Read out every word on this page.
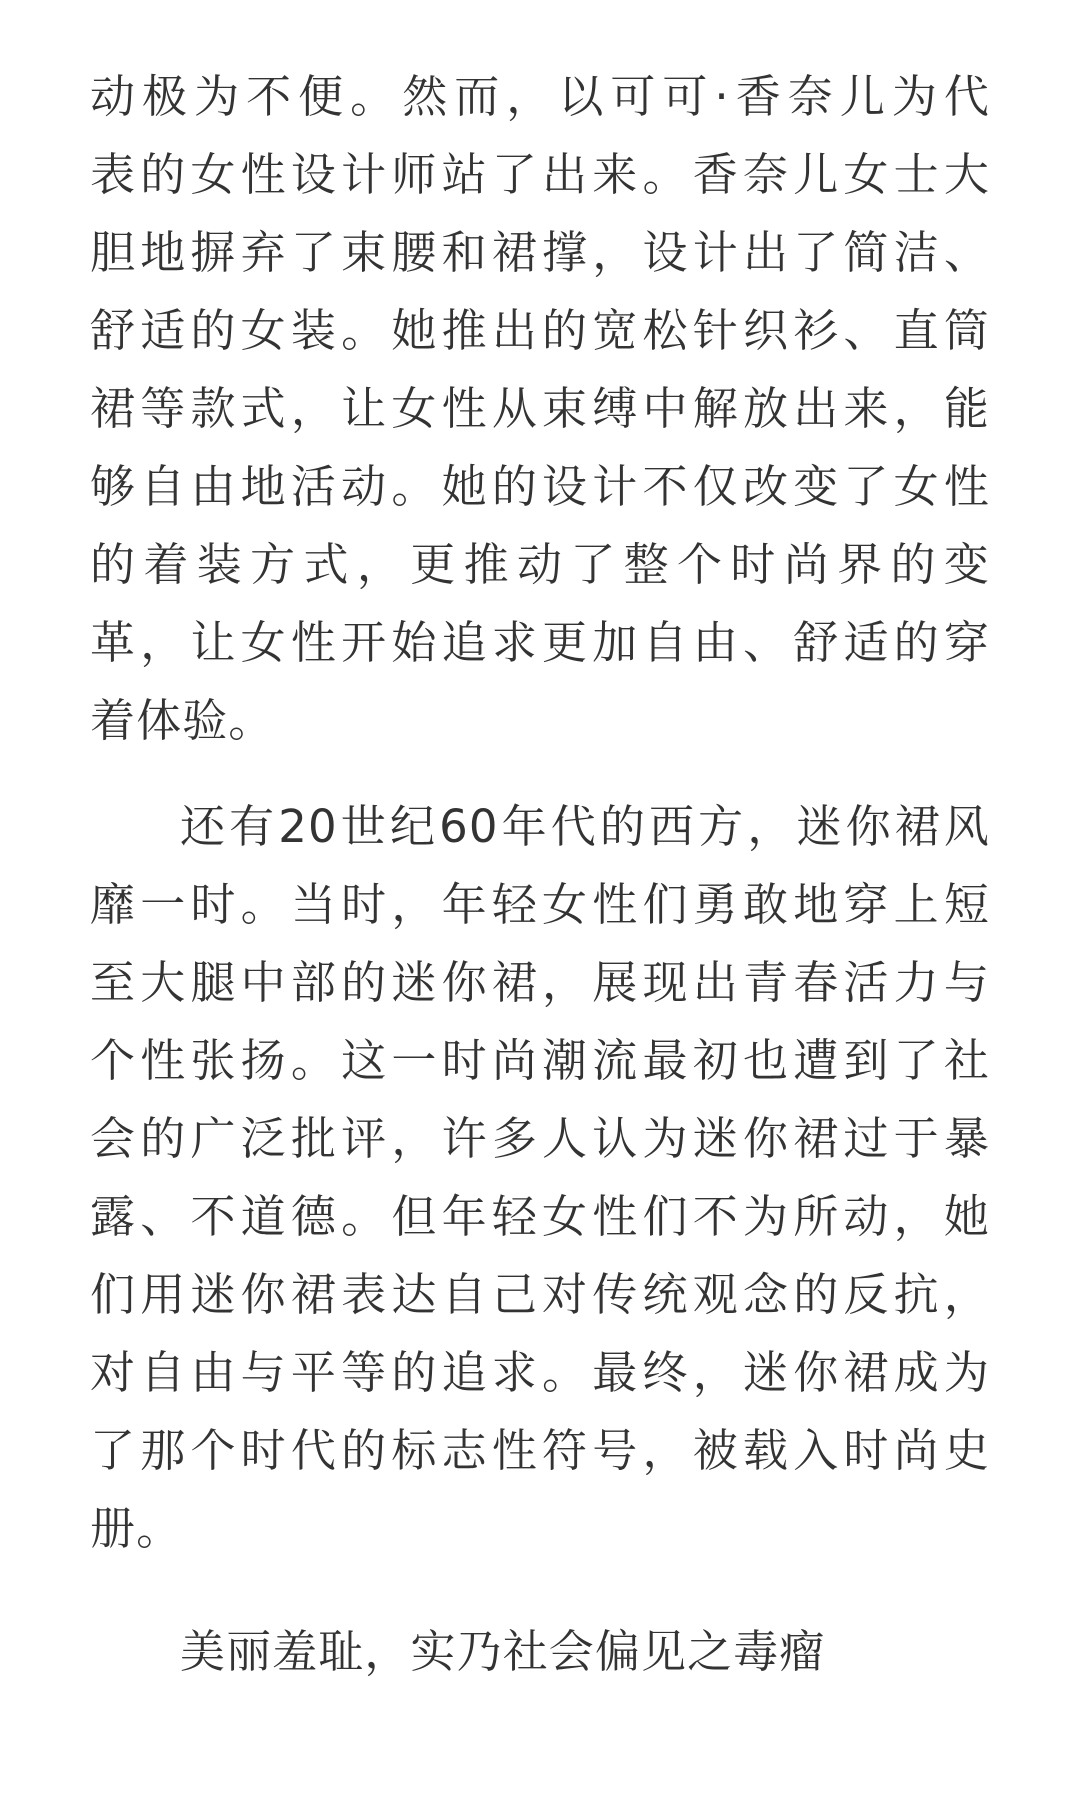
动极为不便。然而，以可可·香奈儿为代
表的女性设计师站了出来。香奈儿女士大
胆地摒弃了束腰和裙撑，设计出了简洁、
舒适的女装。她推出的宽松针织衫、直筒
裙等款式，让女性从束缚中解放出来，能
够自由地活动。她的设计不仅改变了女性
的着装方式，更推动了整个时尚界的变
革，让女性开始追求更加自由、舒适的穿
着体验。
还有20世纪60年代的西方，迷你裙风
靡一时。当时，年轻女性们勇敢地穿上短
至大腿中部的迷你裙，展现出青春活力与
个性张扬。这一时尚潮流最初也遭到了社
会的广泛批评，许多人认为迷你裙过于暴
露、不道德。但年轻女性们不为所动，她
们用迷你裙表达自己对传统观念的反抗，
对自由与平等的追求。最终，迷你裙成为
了那个时代的标志性符号，被载入时尚史
册。
美丽羞耻，实乃社会偏见之毒瘤
